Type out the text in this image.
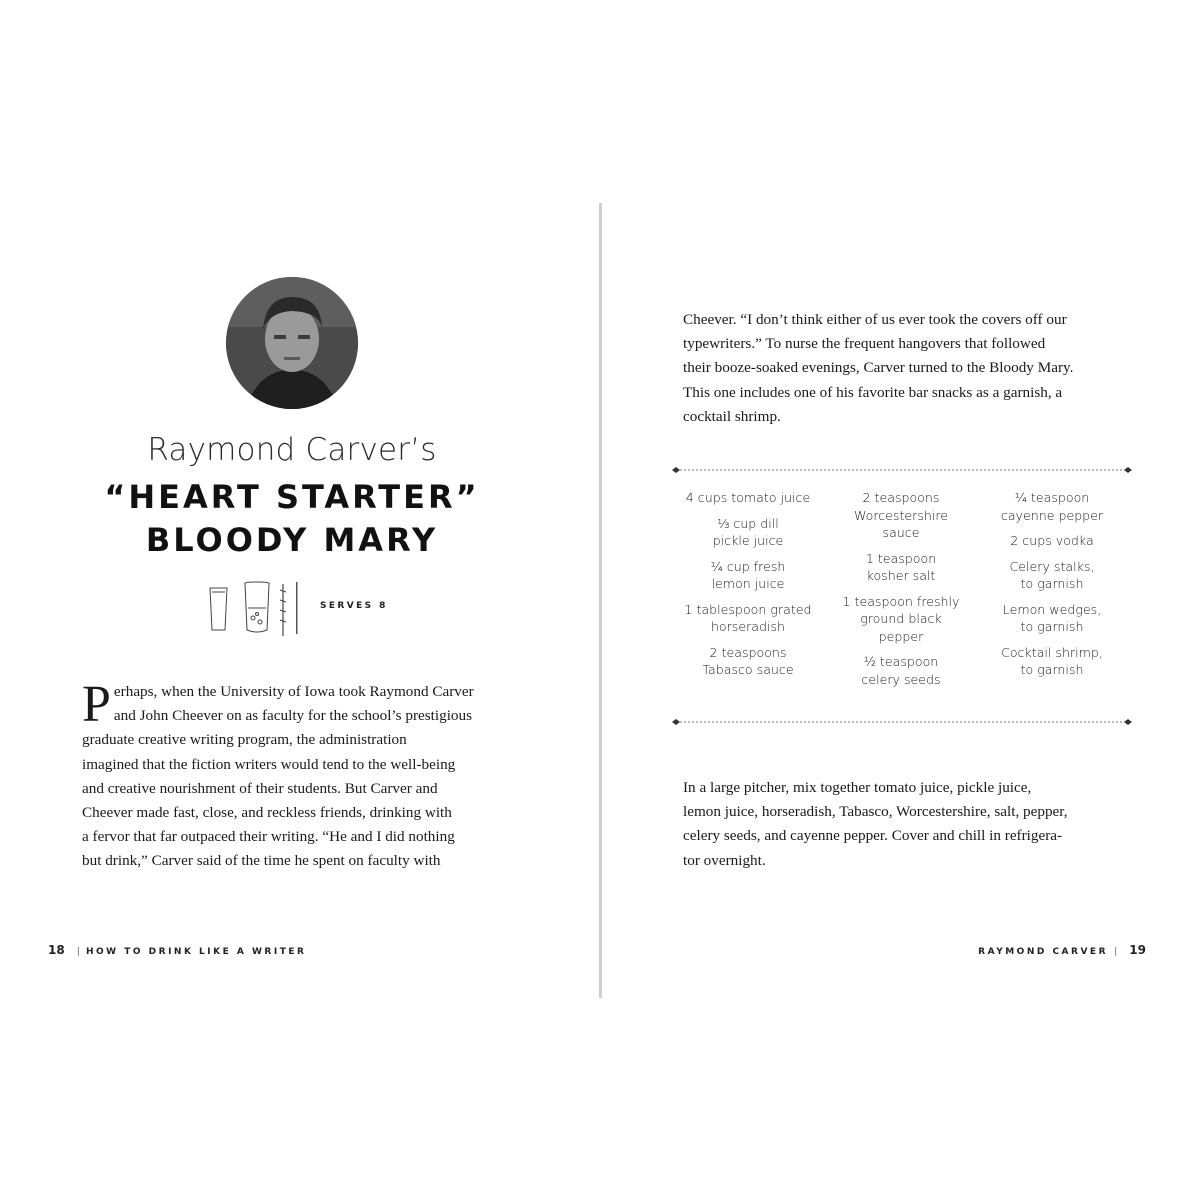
Raymond Carver’s
“HEART STARTER”
BLOODY MARY
SERVES 8
P erhaps, when the University of Iowa took Raymond Carver
and John Cheever on as faculty for the school’s prestigious
graduate creative writing program, the administration
imagined that the fiction writers would tend to the well-being
and creative nourishment of their students. But Carver and
Cheever made fast, close, and reckless friends, drinking with
a fervor that far outpaced their writing. “He and I did nothing
but drink,” Carver said of the time he spent on faculty with
18 | HOW TO DRINK LIKE A WRITER
Cheever. “I don’t think either of us ever took the covers off our
typewriters.” To nurse the frequent hangovers that followed
their booze-soaked evenings, Carver turned to the Bloody Mary.
This one includes one of his favorite bar snacks as a garnish, a
cocktail shrimp.
4 cups tomato juice
⅓ cup dill
pickle juice
¼ cup fresh
lemon juice
1 tablespoon grated
horseradish
2 teaspoons
Tabasco sauce
2 teaspoons
Worcestershire
sauce
1 teaspoon
kosher salt
1 teaspoon freshly
ground black
pepper
½ teaspoon
celery seeds
¼ teaspoon
cayenne pepper
2 cups vodka
Celery stalks,
to garnish
Lemon wedges,
to garnish
Cocktail shrimp,
to garnish
In a large pitcher, mix together tomato juice, pickle juice,
lemon juice, horseradish, Tabasco, Worcestershire, salt, pepper,
celery seeds, and cayenne pepper. Cover and chill in refrigera-
tor overnight.
RAYMOND CARVER | 19
